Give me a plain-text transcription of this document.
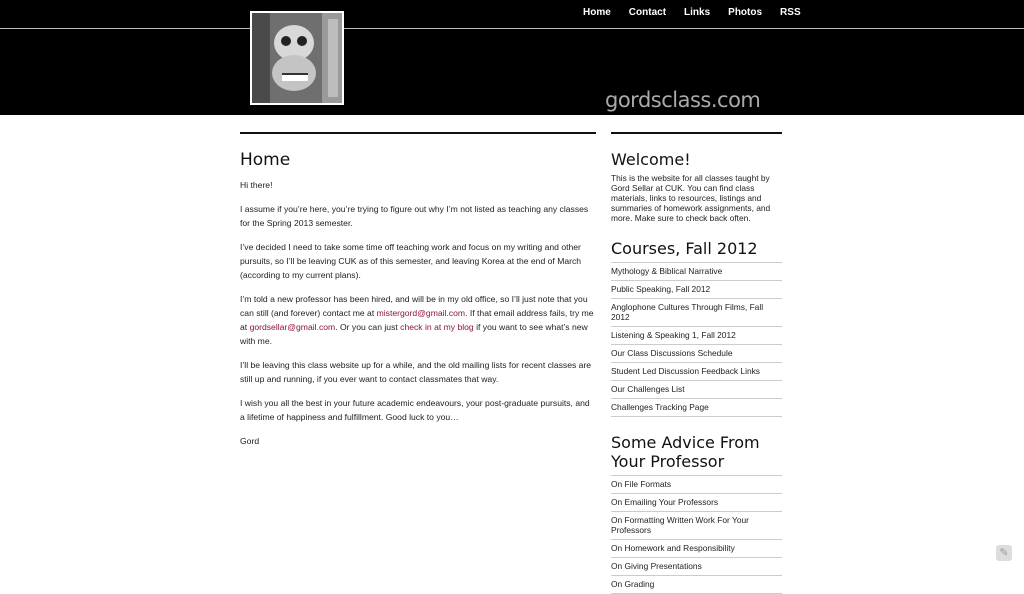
Home Contact Links Photos RSS
gordsclass.com
Home

Hi there!

I assume if you’re here, you’re trying to figure out why I’m not listed as teaching any classes for the Spring 2013 semester.

I’ve decided I need to take some time off teaching work and focus on my writing and other pursuits, so I’ll be leaving CUK as of this semester, and leaving Korea at the end of March (according to my current plans).

I’m told a new professor has been hired, and will be in my old office, so I’ll just note that you can still (and forever) contact me at mistergord@gmail.com. If that email address fails, try me at gordsellar@gmail.com. Or you can just check in at my blog if you want to see what’s new with me.

I’ll be leaving this class website up for a while, and the old mailing lists for recent classes are still up and running, if you ever want to contact classmates that way.

I wish you all the best in your future academic endeavours, your post-graduate pursuits, and a lifetime of happiness and fulfillment. Good luck to you…

Gord

Welcome!

This is the website for all classes taught by Gord Sellar at CUK. You can find class materials, links to resources, listings and summaries of homework assignments, and more. Make sure to check back often.

Courses, Fall 2012
Mythology & Biblical Narrative
Public Speaking, Fall 2012
Anglophone Cultures Through Films, Fall 2012
Listening & Speaking 1, Fall 2012
Our Class Discussions Schedule
Student Led Discussion Feedback Links
Our Challenges List
Challenges Tracking Page
Some Advice From Your Professor
On File Formats
On Emailing Your Professors
On Formatting Written Work For Your Professors
On Homework and Responsibility
On Giving Presentations
On Grading
✎
